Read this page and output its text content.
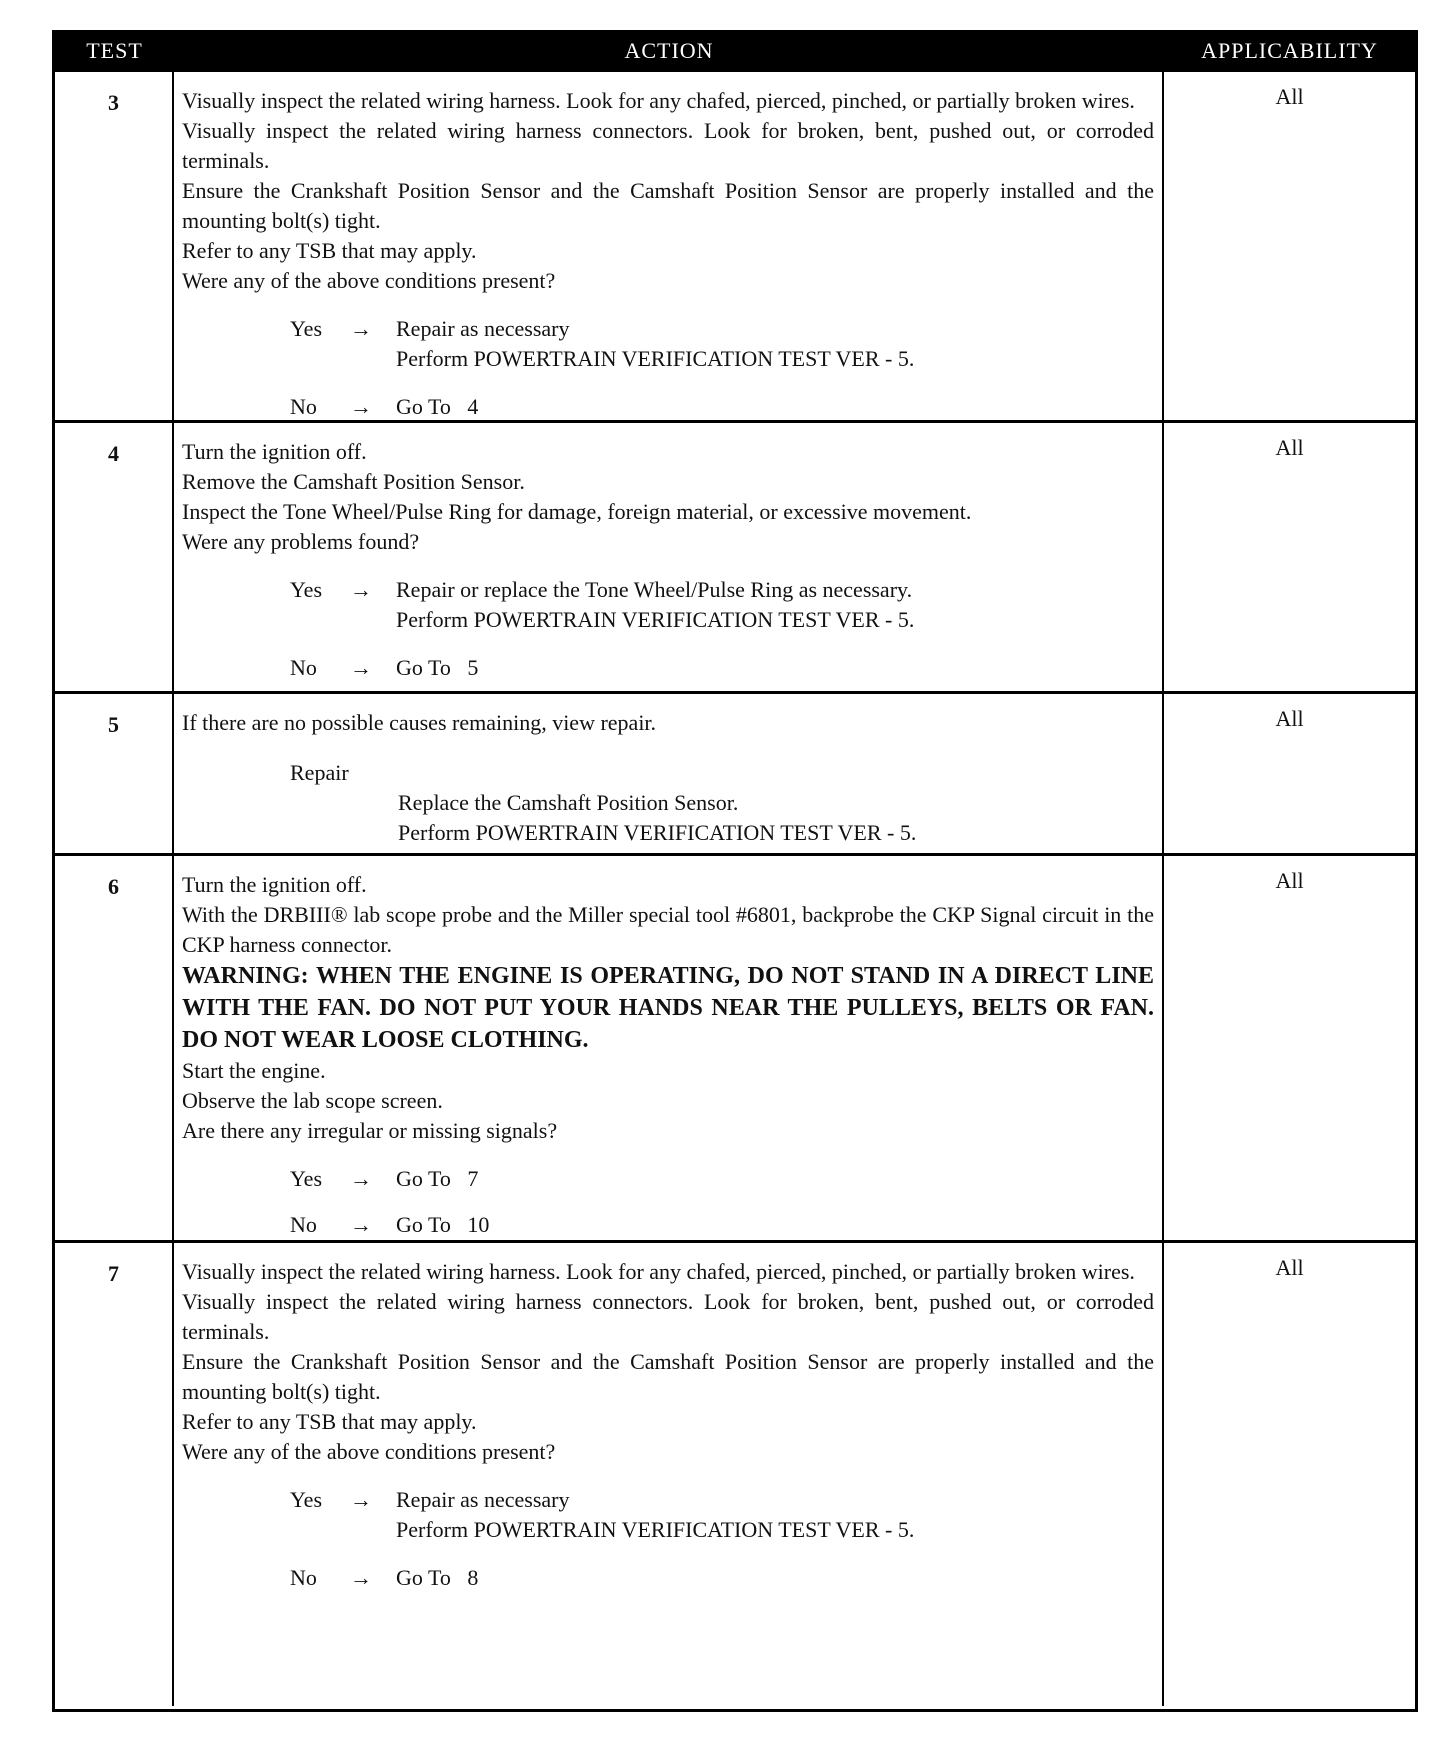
TEST	ACTION	APPLICABILITY
3	Visually inspect the related wiring harness. Look for any chafed, pierced, pinched, or partially broken wires.
Visually inspect the related wiring harness connectors. Look for broken, bent, pushed out, or corroded terminals.
Ensure the Crankshaft Position Sensor and the Camshaft Position Sensor are properly installed and the mounting bolt(s) tight.
Refer to any TSB that may apply.
Were any of the above conditions present?
Yes	→	Repair as necessary
Perform POWERTRAIN VERIFICATION TEST VER - 5.
No	→	Go To   4
All
4	Turn the ignition off.
Remove the Camshaft Position Sensor.
Inspect the Tone Wheel/Pulse Ring for damage, foreign material, or excessive movement.
Were any problems found?
Yes	→	Repair or replace the Tone Wheel/Pulse Ring as necessary.
Perform POWERTRAIN VERIFICATION TEST VER - 5.
No	→	Go To   5
All
5	If there are no possible causes remaining, view repair.
Repair
Replace the Camshaft Position Sensor.
Perform POWERTRAIN VERIFICATION TEST VER - 5.
All
6	Turn the ignition off.
With the DRBIII® lab scope probe and the Miller special tool #6801, backprobe the CKP Signal circuit in the CKP harness connector.
WARNING: WHEN THE ENGINE IS OPERATING, DO NOT STAND IN A DIRECT LINE WITH THE FAN. DO NOT PUT YOUR HANDS NEAR THE PULLEYS, BELTS OR FAN. DO NOT WEAR LOOSE CLOTHING.
Start the engine.
Observe the lab scope screen.
Are there any irregular or missing signals?
Yes	→	Go To   7
No	→	Go To   10
All
7	Visually inspect the related wiring harness. Look for any chafed, pierced, pinched, or partially broken wires.
Visually inspect the related wiring harness connectors. Look for broken, bent, pushed out, or corroded terminals.
Ensure the Crankshaft Position Sensor and the Camshaft Position Sensor are properly installed and the mounting bolt(s) tight.
Refer to any TSB that may apply.
Were any of the above conditions present?
Yes	→	Repair as necessary
Perform POWERTRAIN VERIFICATION TEST VER - 5.
No	→	Go To   8
All
